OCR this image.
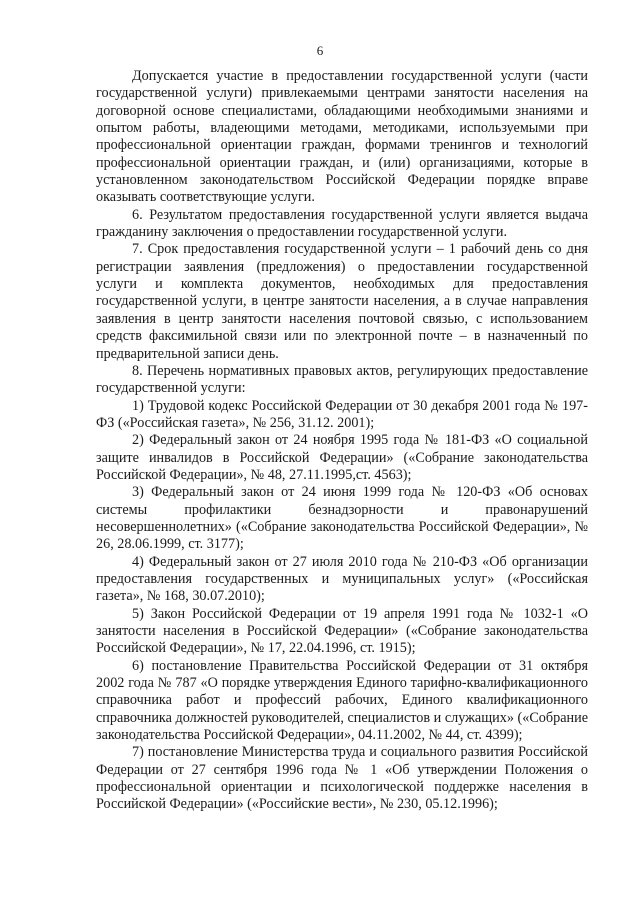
6

Допускается участие в предоставлении государственной услуги (части государственной услуги) привлекаемыми центрами занятости населения на договорной основе специалистами, обладающими необходимыми знаниями и опытом работы, владеющими методами, методиками, используемыми при профессиональной ориентации граждан, формами тренингов и технологий профессиональной ориентации граждан, и (или) организациями, которые в установленном законодательством Российской Федерации порядке вправе оказывать соответствующие услуги.

6. Результатом предоставления государственной услуги является выдача гражданину заключения о предоставлении государственной услуги.

7. Срок предоставления государственной услуги – 1 рабочий день со дня регистрации заявления (предложения) о предоставлении государственной услуги и комплекта документов, необходимых для предоставления государственной услуги, в центре занятости населения, а в случае направления заявления в центр занятости населения почтовой связью, с использованием средств факсимильной связи или по электронной почте – в назначенный по предварительной записи день.

8. Перечень нормативных правовых актов, регулирующих предоставление государственной услуги:

1) Трудовой кодекс Российской Федерации от 30 декабря 2001 года № 197-ФЗ («Российская газета», № 256, 31.12. 2001);

2) Федеральный закон от 24 ноября 1995 года № 181-ФЗ «О социальной защите инвалидов в Российской Федерации» («Собрание законодательства Российской Федерации», № 48, 27.11.1995,ст. 4563);

3) Федеральный закон от 24 июня 1999 года № 120-ФЗ «Об основах системы профилактики безнадзорности и правонарушений несовершеннолетних» («Собрание законодательства Российской Федерации», № 26, 28.06.1999, ст. 3177);

4) Федеральный закон от 27 июля 2010 года № 210-ФЗ «Об организации предоставления государственных и муниципальных услуг» («Российская газета», № 168, 30.07.2010);

5) Закон Российской Федерации от 19 апреля 1991 года № 1032-1 «О занятости населения в Российской Федерации» («Собрание законодательства Российской Федерации», № 17, 22.04.1996, ст. 1915);

6) постановление Правительства Российской Федерации от 31 октября 2002 года № 787 «О порядке утверждения Единого тарифно-квалификационного справочника работ и профессий рабочих, Единого квалификационного справочника должностей руководителей, специалистов и служащих» («Собрание законодательства Российской Федерации», 04.11.2002, № 44, ст. 4399);

7) постановление Министерства труда и социального развития Российской Федерации от 27 сентября 1996 года № 1 «Об утверждении Положения о профессиональной ориентации и психологической поддержке населения в Российской Федерации» («Российские вести», № 230, 05.12.1996);
